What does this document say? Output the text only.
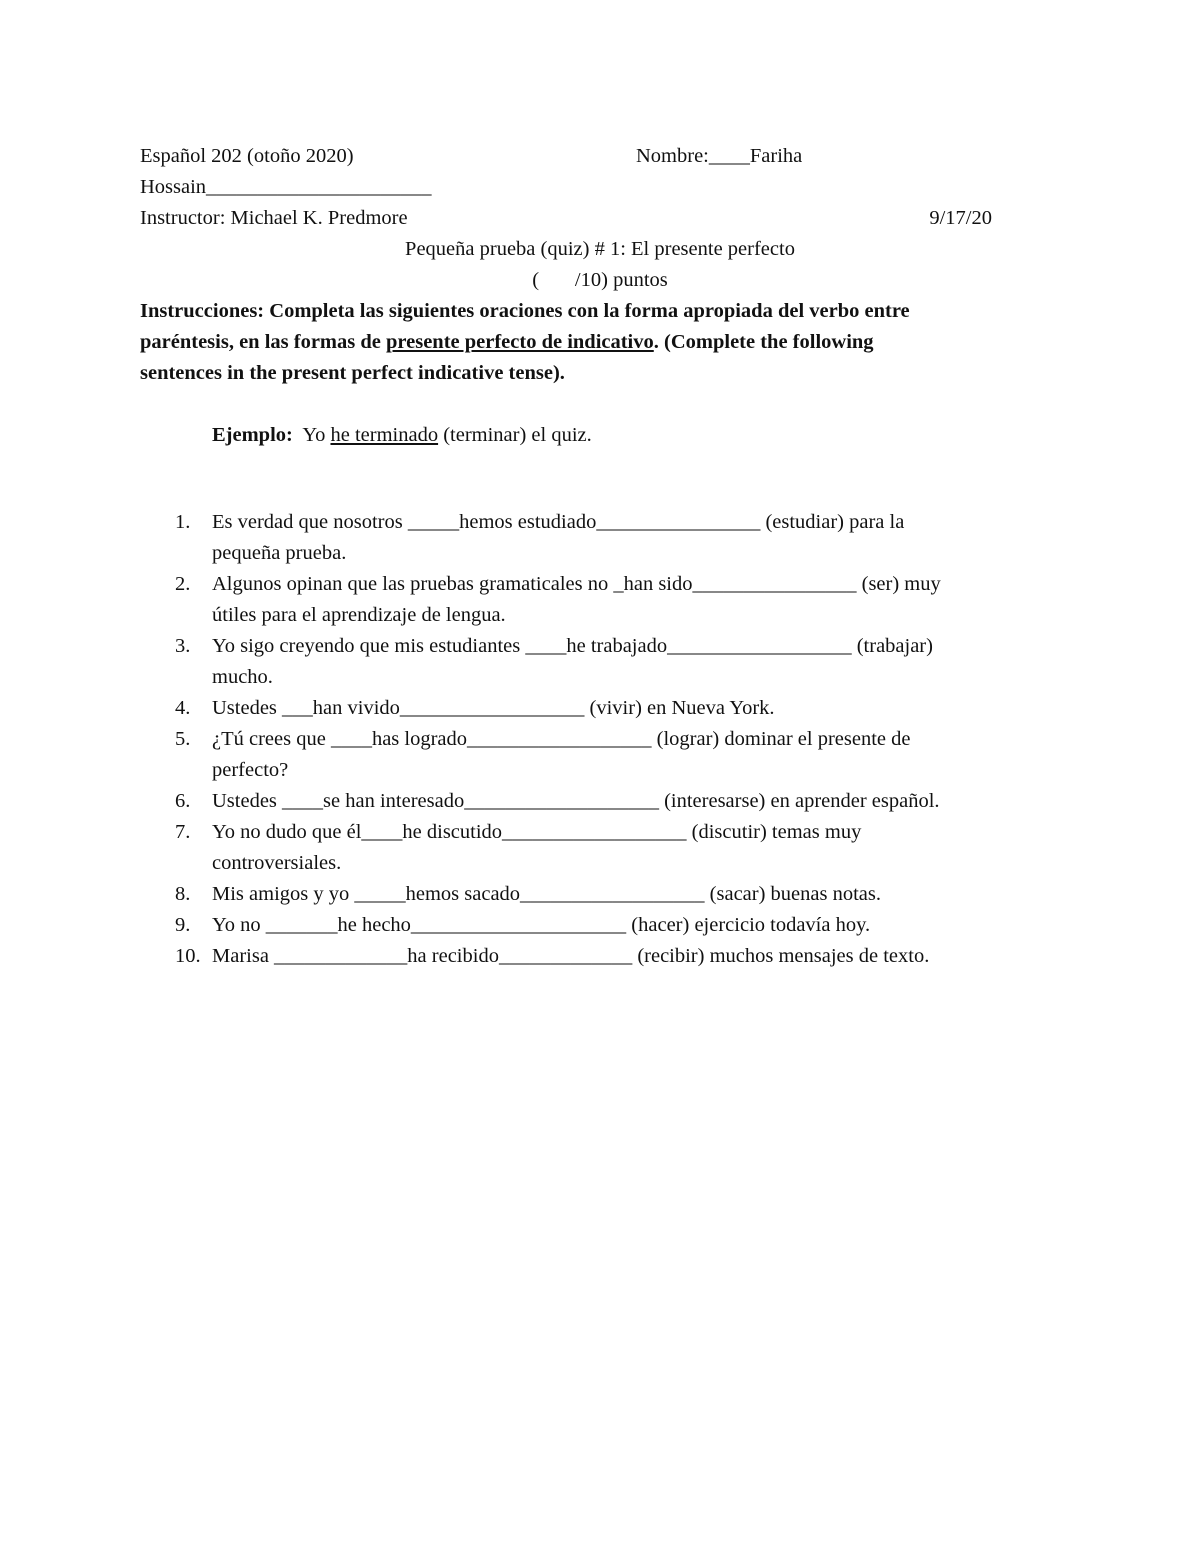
Español 202 (otoño 2020)	Nombre:____Fariha
Hossain______________________
Instructor: Michael K. Predmore	9/17/20
Pequeña prueba (quiz) # 1: El presente perfecto
(       /10) puntos
Instrucciones: Completa las siguientes oraciones con la forma apropiada del verbo entre
paréntesis, en las formas de presente perfecto de indicativo. (Complete the following
sentences in the present perfect indicative tense).
Ejemplo:  Yo he terminado (terminar) el quiz.
1. Es verdad que nosotros _____hemos estudiado________________ (estudiar) para la
pequeña prueba.
2. Algunos opinan que las pruebas gramaticales no _han sido________________ (ser) muy
útiles para el aprendizaje de lengua.
3. Yo sigo creyendo que mis estudiantes ____he trabajado__________________ (trabajar)
mucho.
4. Ustedes ___han vivido__________________ (vivir) en Nueva York.
5. ¿Tú crees que ____has logrado__________________ (lograr) dominar el presente de
perfecto?
6. Ustedes ____se han interesado___________________ (interesarse) en aprender español.
7. Yo no dudo que él____he discutido__________________ (discutir) temas muy
controversiales.
8. Mis amigos y yo _____hemos sacado__________________ (sacar) buenas notas.
9. Yo no _______he hecho_____________________ (hacer) ejercicio todavía hoy.
10. Marisa _____________ha recibido_____________ (recibir) muchos mensajes de texto.
